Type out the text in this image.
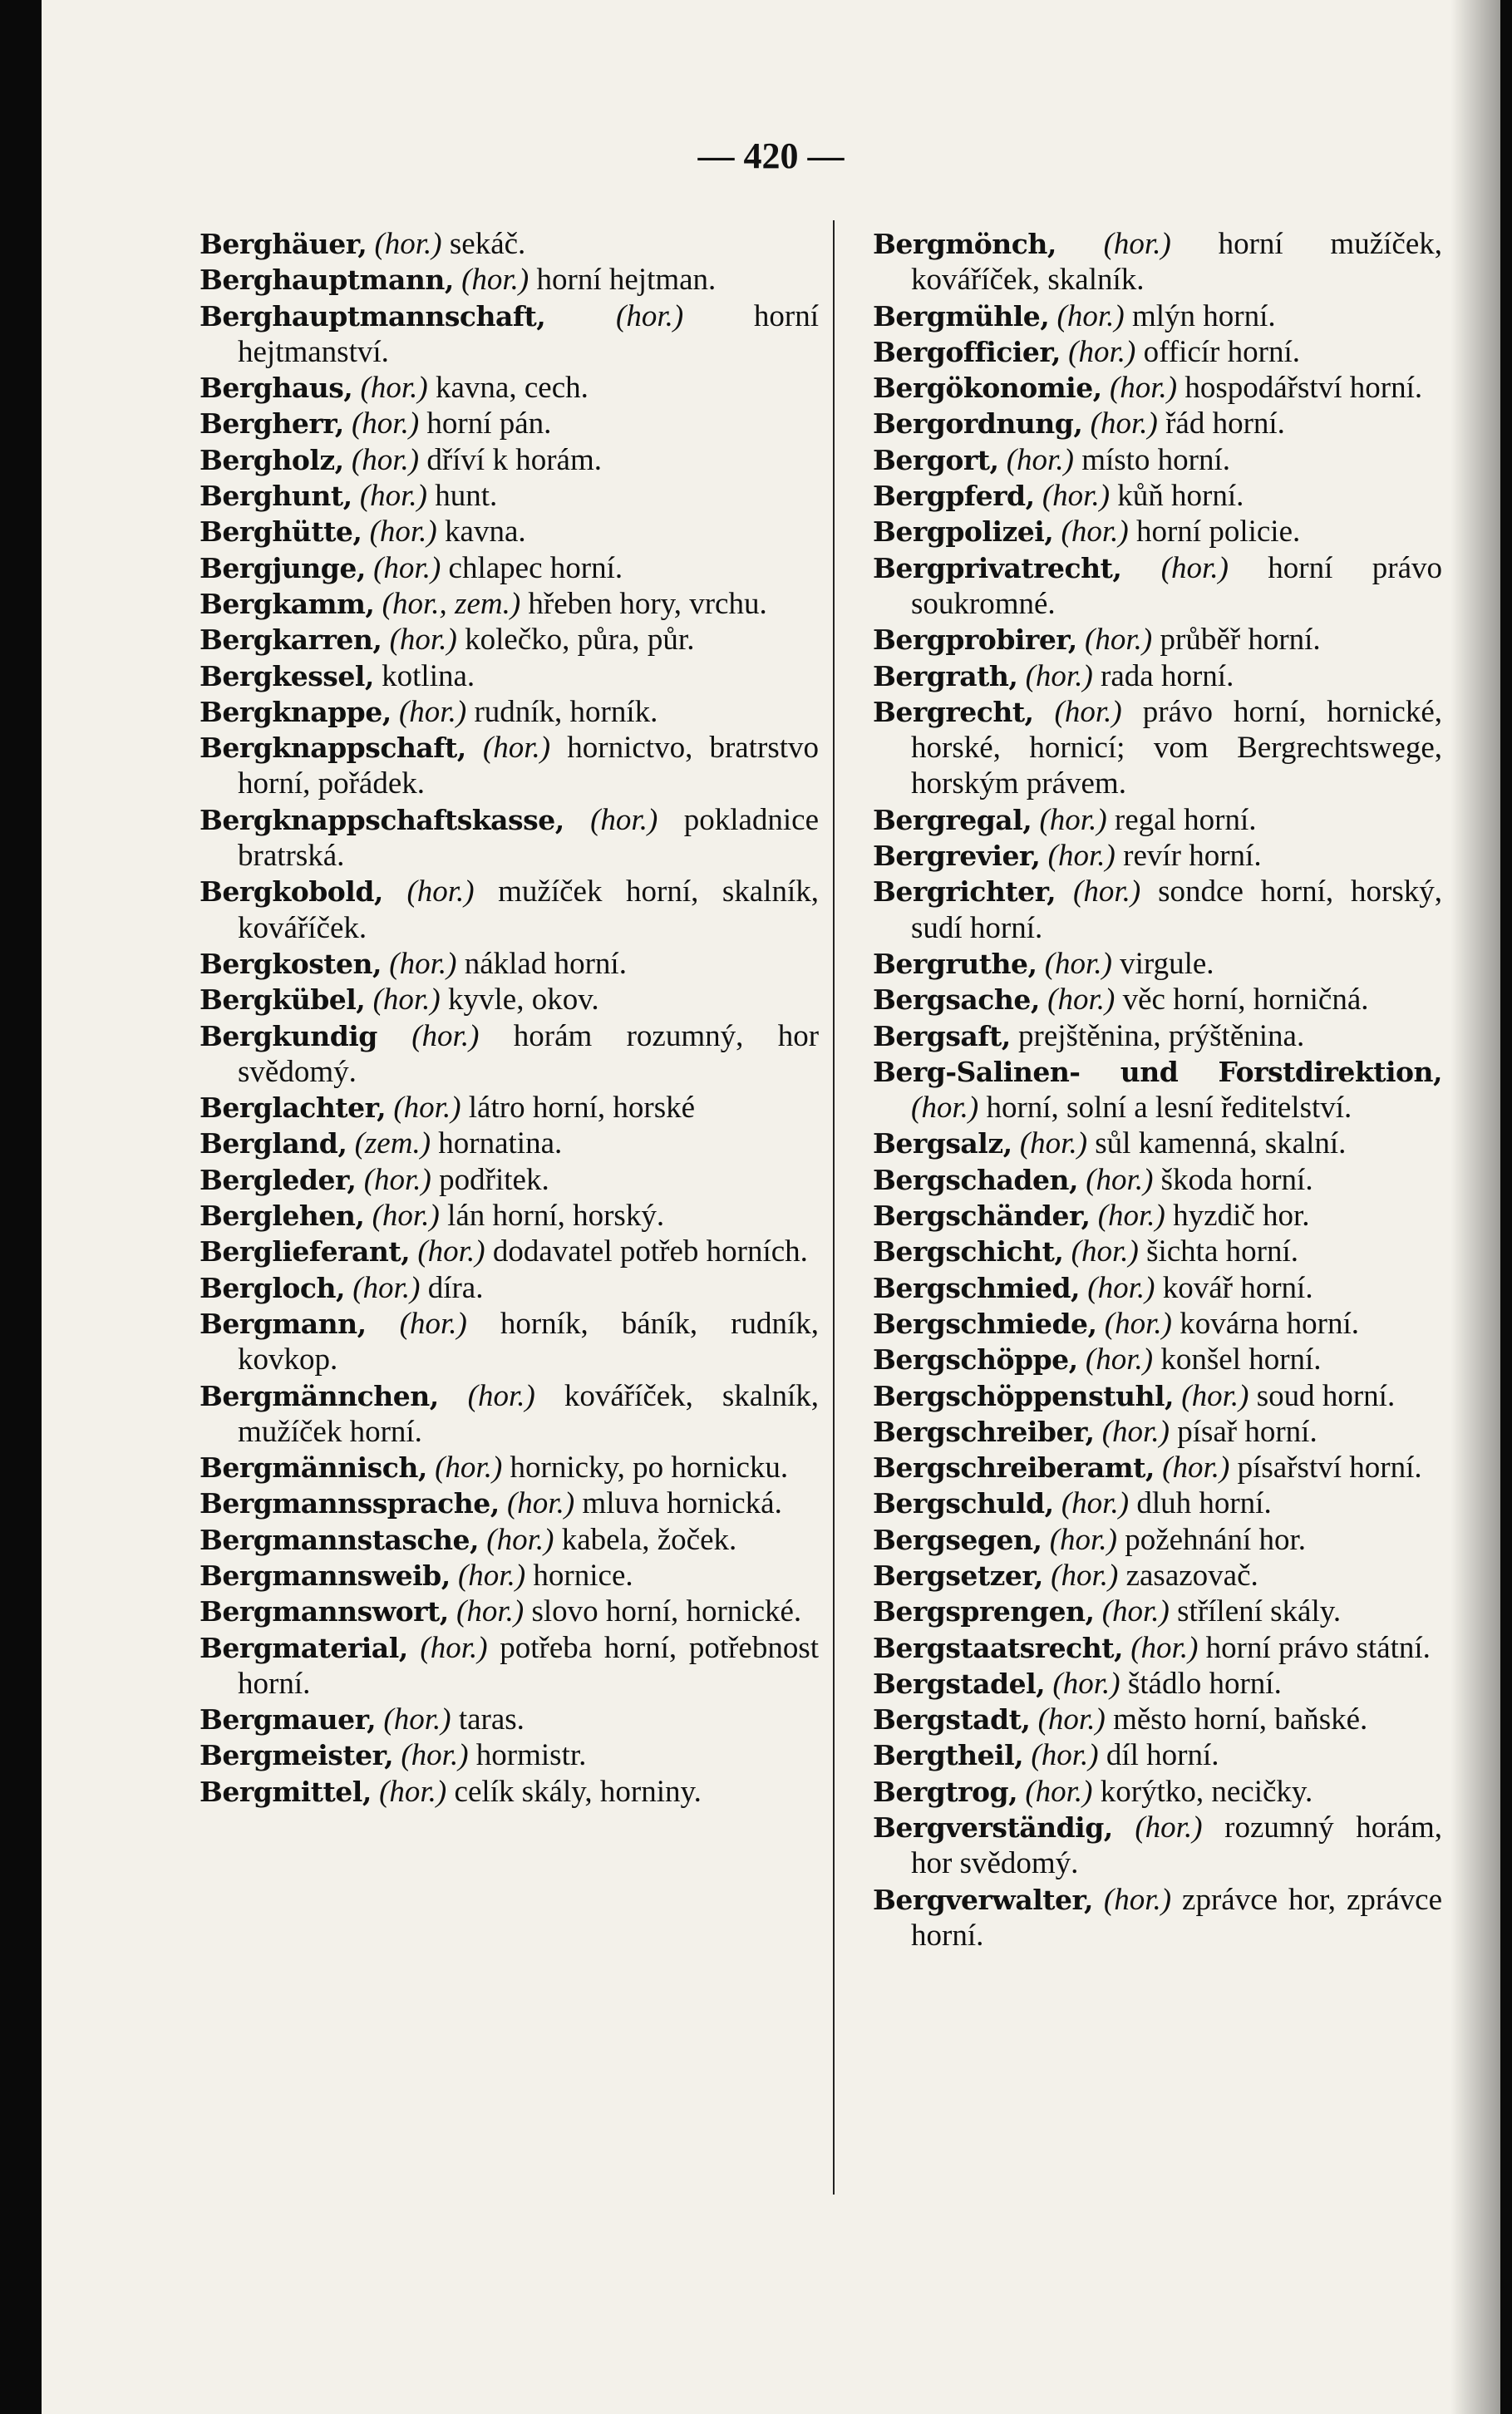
— 420 —

Berghäuer, (hor.) sekáč.

Berghauptmann, (hor.) horní hejtman.

Berghauptmannschaft, (hor.) horní hejtmanství.

Berghaus, (hor.) kavna, cech.

Bergherr, (hor.) horní pán.

Bergholz, (hor.) dříví k horám.

Berghunt, (hor.) hunt.

Berghütte, (hor.) kavna.

Bergjunge, (hor.) chlapec horní.

Bergkamm, (hor., zem.) hřeben hory, vrchu.

Bergkarren, (hor.) kolečko, půra, půr.

Bergkessel, kotlina.

Bergknappe, (hor.) rudník, horník.

Bergknappschaft, (hor.) hornictvo, bratrstvo horní, pořádek.

Bergknappschaftskasse, (hor.) pokladnice bratrská.

Bergkobold, (hor.) mužíček horní, skalník, kováříček.

Bergkosten, (hor.) náklad horní.

Bergkübel, (hor.) kyvle, okov.

Bergkundig (hor.) horám rozumný, hor svědomý.

Berglachter, (hor.) látro horní, horské

Bergland, (zem.) hornatina.

Bergleder, (hor.) podřitek.

Berglehen, (hor.) lán horní, horský.

Berglieferant, (hor.) dodavatel potřeb horních.

Bergloch, (hor.) díra.

Bergmann, (hor.) horník, báník, rudník, kovkop.

Bergmännchen, (hor.) kováříček, skalník, mužíček horní.

Bergmännisch, (hor.) hornicky, po hornicku.

Bergmannssprache, (hor.) mluva hornická.

Bergmannstasche, (hor.) kabela, žoček.

Bergmannsweib, (hor.) hornice.

Bergmannswort, (hor.) slovo horní, hornické.

Bergmaterial, (hor.) potřeba horní, potřebnost horní.

Bergmauer, (hor.) taras.

Bergmeister, (hor.) hormistr.

Bergmittel, (hor.) celík skály, horniny.

Bergmönch, (hor.) horní mužíček, kováříček, skalník.

Bergmühle, (hor.) mlýn horní.

Bergofficier, (hor.) officír horní.

Bergökonomie, (hor.) hospodářství horní.

Bergordnung, (hor.) řád horní.

Bergort, (hor.) místo horní.

Bergpferd, (hor.) kůň horní.

Bergpolizei, (hor.) horní policie.

Bergprivatrecht, (hor.) horní právo soukromné.

Bergprobirer, (hor.) průběř horní.

Bergrath, (hor.) rada horní.

Bergrecht, (hor.) právo horní, hornické, horské, hornicí; vom Bergrechtswege, horským právem.

Bergregal, (hor.) regal horní.

Bergrevier, (hor.) revír horní.

Bergrichter, (hor.) sondce horní, horský, sudí horní.

Bergruthe, (hor.) virgule.

Bergsache, (hor.) věc horní, horničná.

Bergsaft, prejštěnina, prýštěnina.

Berg-Salinen- und Forstdirektion, (hor.) horní, solní a lesní ředitelství.

Bergsalz, (hor.) sůl kamenná, skalní.

Bergschaden, (hor.) škoda horní.

Bergschänder, (hor.) hyzdič hor.

Bergschicht, (hor.) šichta horní.

Bergschmied, (hor.) kovář horní.

Bergschmiede, (hor.) kovárna horní.

Bergschöppe, (hor.) konšel horní.

Bergschöppenstuhl, (hor.) soud horní.

Bergschreiber, (hor.) písař horní.

Bergschreiberamt, (hor.) písařství horní.

Bergschuld, (hor.) dluh horní.

Bergsegen, (hor.) požehnání hor.

Bergsetzer, (hor.) zasazovač.

Bergsprengen, (hor.) střílení skály.

Bergstaatsrecht, (hor.) horní právo státní.

Bergstadel, (hor.) štádlo horní.

Bergstadt, (hor.) město horní, baňské.

Bergtheil, (hor.) díl horní.

Bergtrog, (hor.) korýtko, necičky.

Bergverständig, (hor.) rozumný horám, hor svědomý.

Bergverwalter, (hor.) zprávce hor, zprávce horní.
